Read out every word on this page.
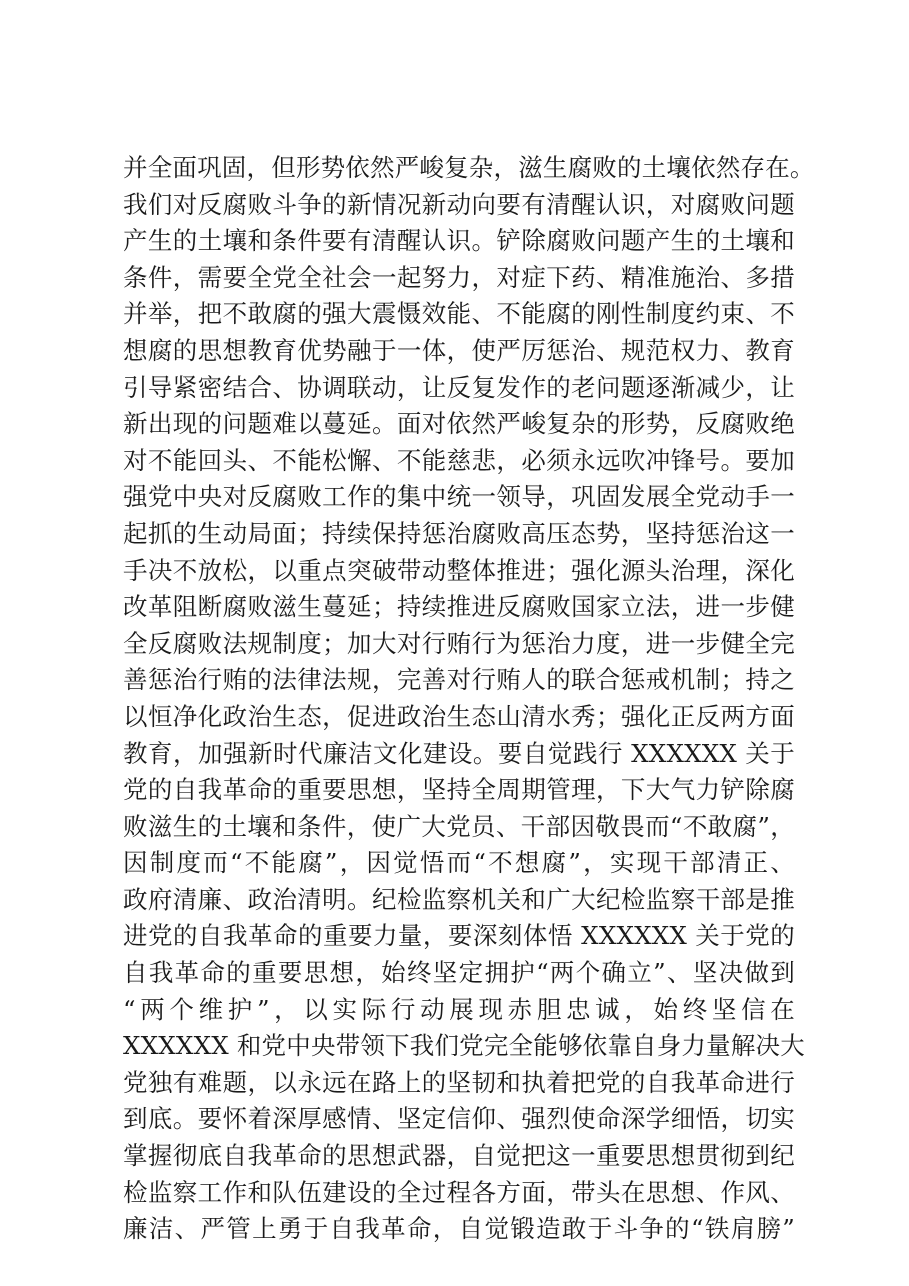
并全面巩固，但形势依然严峻复杂，滋生腐败的土壤依然存在。
我们对反腐败斗争的新情况新动向要有清醒认识，对腐败问题
产生的土壤和条件要有清醒认识。铲除腐败问题产生的土壤和
条件，需要全党全社会一起努力，对症下药、精准施治、多措
并举，把不敢腐的强大震慑效能、不能腐的刚性制度约束、不
想腐的思想教育优势融于一体，使严厉惩治、规范权力、教育
引导紧密结合、协调联动，让反复发作的老问题逐渐减少，让
新出现的问题难以蔓延。面对依然严峻复杂的形势，反腐败绝
对不能回头、不能松懈、不能慈悲，必须永远吹冲锋号。要加
强党中央对反腐败工作的集中统一领导，巩固发展全党动手一
起抓的生动局面；持续保持惩治腐败高压态势，坚持惩治这一
手决不放松，以重点突破带动整体推进；强化源头治理，深化
改革阻断腐败滋生蔓延；持续推进反腐败国家立法，进一步健
全反腐败法规制度；加大对行贿行为惩治力度，进一步健全完
善惩治行贿的法律法规，完善对行贿人的联合惩戒机制；持之
以恒净化政治生态，促进政治生态山清水秀；强化正反两方面
教育，加强新时代廉洁文化建设。要自觉践行 XXXXXX 关于
党的自我革命的重要思想，坚持全周期管理，下大气力铲除腐
败滋生的土壤和条件，使广大党员、干部因敬畏而“不敢腐”，
因制度而“不能腐”，因觉悟而“不想腐”，实现干部清正、
政府清廉、政治清明。纪检监察机关和广大纪检监察干部是推
进党的自我革命的重要力量，要深刻体悟 XXXXXX 关于党的
自我革命的重要思想，始终坚定拥护“两个确立”、坚决做到
“两个维护”，以实际行动展现赤胆忠诚，始终坚信在
XXXXXX 和党中央带领下我们党完全能够依靠自身力量解决大
党独有难题，以永远在路上的坚韧和执着把党的自我革命进行
到底。要怀着深厚感情、坚定信仰、强烈使命深学细悟，切实
掌握彻底自我革命的思想武器，自觉把这一重要思想贯彻到纪
检监察工作和队伍建设的全过程各方面，带头在思想、作风、
廉洁、严管上勇于自我革命，自觉锻造敢于斗争的“铁肩膀”
